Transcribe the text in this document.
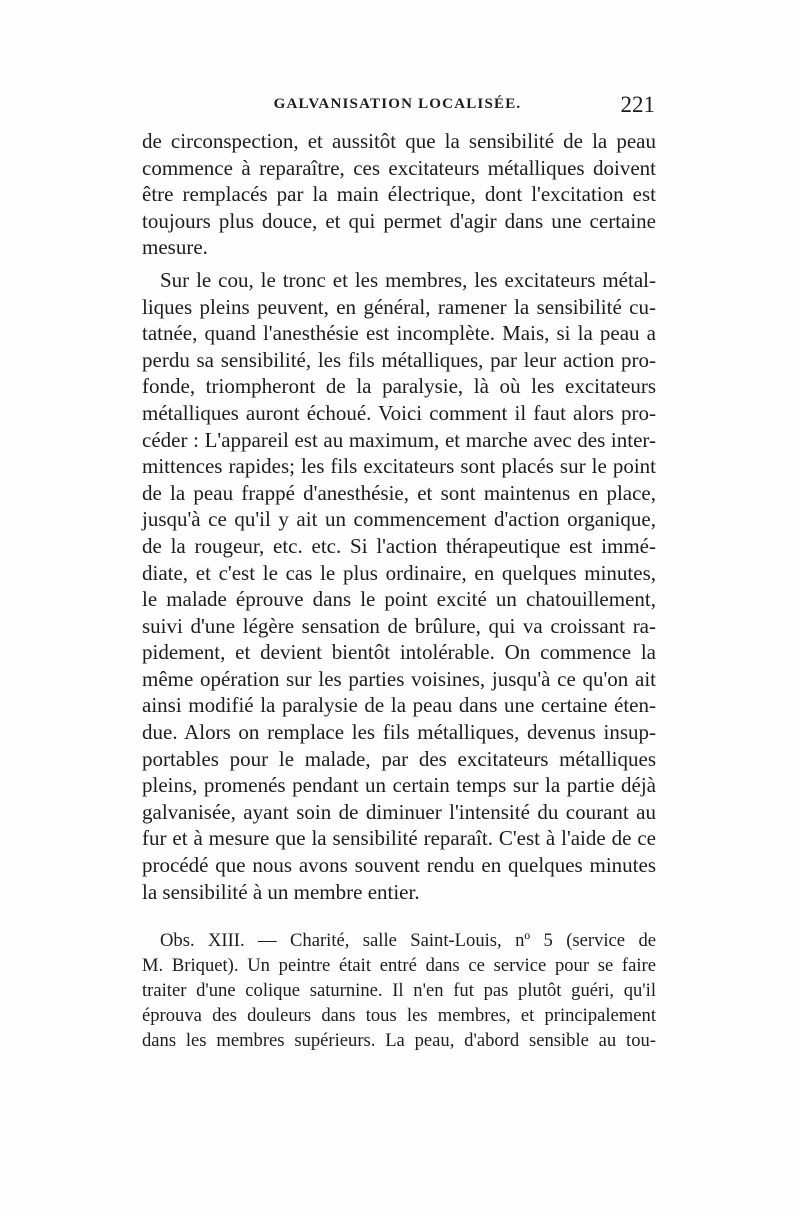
GALVANISATION LOCALISÉE.	221
de circonspection, et aussitôt que la sensibilité de la peau
commence à reparaître, ces excitateurs métalliques doivent
être remplacés par la main électrique, dont l'excitation est
toujours plus douce, et qui permet d'agir dans une certaine
mesure.
Sur le cou, le tronc et les membres, les excitateurs métal-
liques pleins peuvent, en général, ramener la sensibilité cu-
tatnée, quand l'anesthésie est incomplète. Mais, si la peau a
perdu sa sensibilité, les fils métalliques, par leur action pro-
fonde, triompheront de la paralysie, là où les excitateurs
métalliques auront échoué. Voici comment il faut alors pro-
céder : L'appareil est au maximum, et marche avec des inter-
mittences rapides; les fils excitateurs sont placés sur le point
de la peau frappé d'anesthésie, et sont maintenus en place,
jusqu'à ce qu'il y ait un commencement d'action organique,
de la rougeur, etc. etc. Si l'action thérapeutique est immé-
diate, et c'est le cas le plus ordinaire, en quelques minutes,
le malade éprouve dans le point excité un chatouillement,
suivi d'une légère sensation de brûlure, qui va croissant ra-
pidement, et devient bientôt intolérable. On commence la
même opération sur les parties voisines, jusqu'à ce qu'on ait
ainsi modifié la paralysie de la peau dans une certaine éten-
due. Alors on remplace les fils métalliques, devenus insup-
portables pour le malade, par des excitateurs métalliques
pleins, promenés pendant un certain temps sur la partie déjà
galvanisée, ayant soin de diminuer l'intensité du courant au
fur et à mesure que la sensibilité reparaît. C'est à l'aide de ce
procédé que nous avons souvent rendu en quelques minutes
la sensibilité à un membre entier.
Obs. XIII. — Charité, salle Saint-Louis, nº 5 (service de
M. Briquet). Un peintre était entré dans ce service pour se faire
traiter d'une colique saturnine. Il n'en fut pas plutôt guéri, qu'il
éprouva des douleurs dans tous les membres, et principalement
dans les membres supérieurs. La peau, d'abord sensible au tou-
